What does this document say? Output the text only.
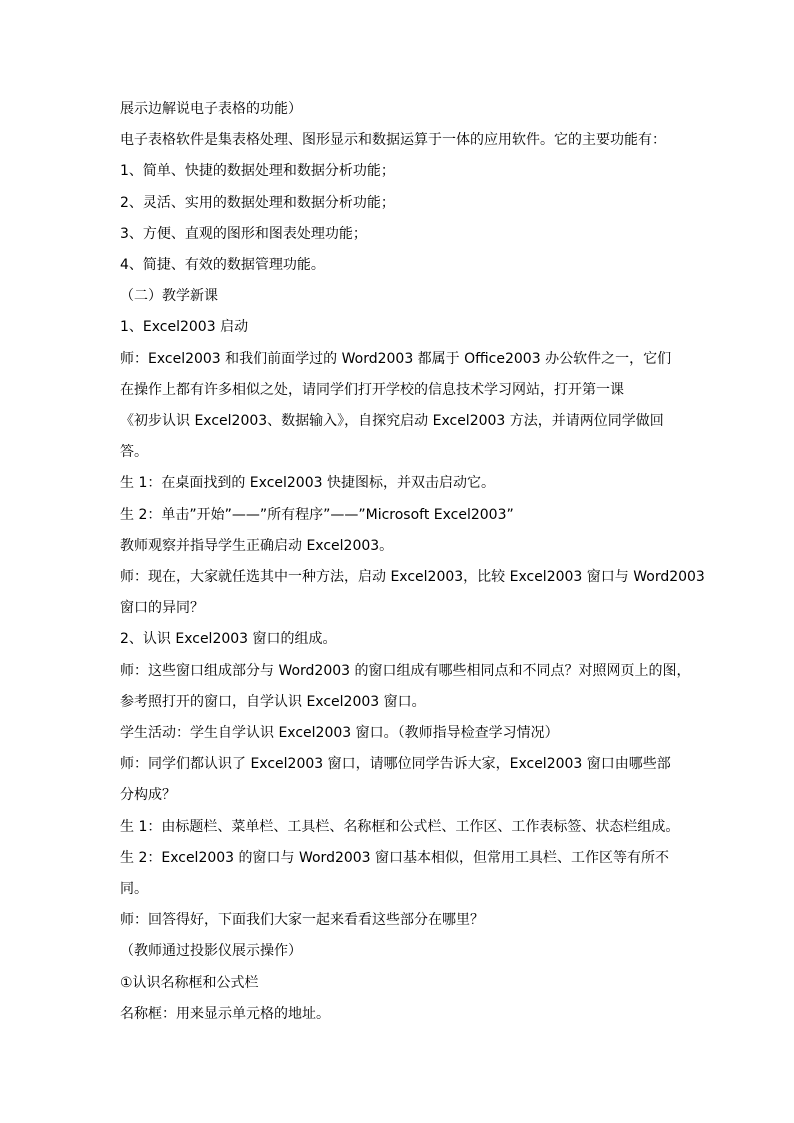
展示边解说电子表格的功能）
电子表格软件是集表格处理、图形显示和数据运算于一体的应用软件。它的主要功能有：
1、简单、快捷的数据处理和数据分析功能；
2、灵活、实用的数据处理和数据分析功能；
3、方便、直观的图形和图表处理功能；
4、简捷、有效的数据管理功能。
（二）教学新课
1、Excel2003 启动
师：Excel2003 和我们前面学过的 Word2003 都属于 Office2003 办公软件之一，它们
在操作上都有许多相似之处，请同学们打开学校的信息技术学习网站，打开第一课
《初步认识 Excel2003、数据输入》，自探究启动 Excel2003 方法，并请两位同学做回
答。
生 1：在桌面找到的 Excel2003 快捷图标，并双击启动它。
生 2：单击”开始”——”所有程序”——”Microsoft Excel2003”
教师观察并指导学生正确启动 Excel2003。
师：现在，大家就任选其中一种方法，启动 Excel2003，比较 Excel2003 窗口与 Word2003
窗口的异同？
2、认识 Excel2003 窗口的组成。
师：这些窗口组成部分与 Word2003 的窗口组成有哪些相同点和不同点？对照网页上的图，
参考照打开的窗口，自学认识 Excel2003 窗口。
学生活动：学生自学认识 Excel2003 窗口。（教师指导检查学习情况）
师：同学们都认识了 Excel2003 窗口，请哪位同学告诉大家，Excel2003 窗口由哪些部
分构成？
生 1：由标题栏、菜单栏、工具栏、名称框和公式栏、工作区、工作表标签、状态栏组成。
生 2：Excel2003 的窗口与 Word2003 窗口基本相似，但常用工具栏、工作区等有所不
同。
师：回答得好，下面我们大家一起来看看这些部分在哪里？
（教师通过投影仪展示操作）
①认识名称框和公式栏
名称框：用来显示单元格的地址。
